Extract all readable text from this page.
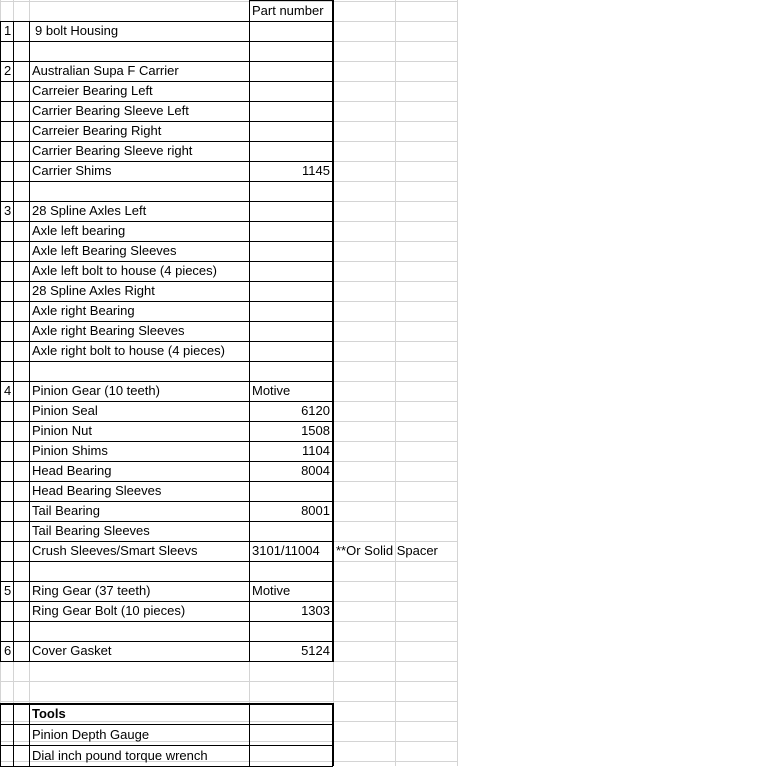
Part number
1 9 bolt Housing
2 Australian Supa F Carrier
Carreier Bearing Left
Carrier Bearing Sleeve Left
Carreier Bearing Right
Carrier Bearing Sleeve right
Carrier Shims	1145
3 28 Spline Axles Left
Axle left bearing
Axle left Bearing Sleeves
Axle left bolt to house (4 pieces)
28 Spline Axles Right
Axle right Bearing
Axle right Bearing Sleeves
Axle right bolt to house (4 pieces)
4 Pinion Gear (10 teeth)	Motive
Pinion Seal	6120
Pinion Nut	1508
Pinion Shims	1104
Head Bearing	8004
Head Bearing Sleeves
Tail Bearing	8001
Tail Bearing Sleeves
Crush Sleeves/Smart Sleevs	3101/11004	**Or Solid Spacer
5 Ring Gear (37 teeth)	Motive
Ring Gear Bolt (10 pieces)	1303
6 Cover Gasket	5124
Tools
Pinion Depth Gauge
Dial inch pound torque wrench
